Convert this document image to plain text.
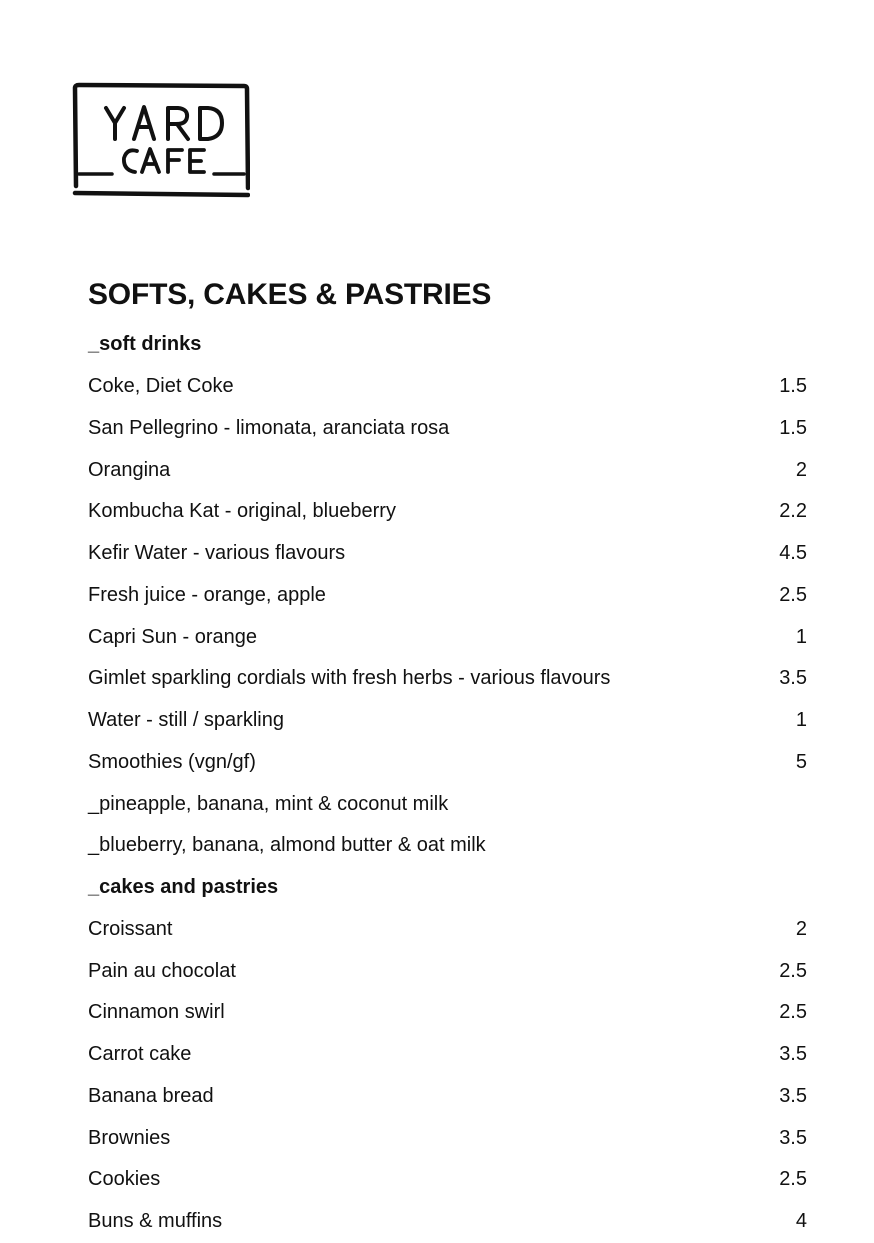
SOFTS, CAKES & PASTRIES
_soft drinks
Coke, Diet Coke	1.5
San Pellegrino - limonata, aranciata rosa	1.5
Orangina	2
Kombucha Kat - original, blueberry	2.2
Kefir Water - various flavours	4.5
Fresh juice - orange, apple	2.5
Capri Sun - orange	1
Gimlet sparkling cordials with fresh herbs - various flavours	3.5
Water - still / sparkling	1
Smoothies (vgn/gf)	5
_pineapple, banana, mint & coconut milk
_blueberry, banana, almond butter & oat milk
_cakes and pastries
Croissant	2
Pain au chocolat	2.5
Cinnamon swirl	2.5
Carrot cake	3.5
Banana bread	3.5
Brownies	3.5
Cookies	2.5
Buns & muffins	4
